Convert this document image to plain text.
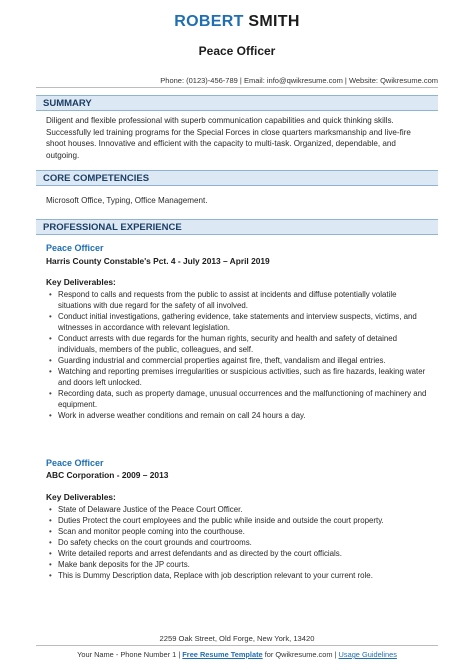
ROBERT SMITH
Peace Officer
Phone: (0123)-456-789 | Email: info@qwikresume.com | Website: Qwikresume.com
SUMMARY
Diligent and flexible professional with superb communication capabilities and quick thinking skills. Successfully led training programs for the Special Forces in close quarters marksmanship and live-fire shoot houses. Innovative and efficient with the capacity to multi-task. Organized, dependable, and outgoing.
CORE COMPETENCIES
Microsoft Office, Typing, Office Management.
PROFESSIONAL EXPERIENCE
Peace Officer
Harris County Constable's Pct. 4 - July 2013 – April 2019
Key Deliverables:
• Respond to calls and requests from the public to assist at incidents and diffuse potentially volatile situations with due regard for the safety of all involved.
• Conduct initial investigations, gathering evidence, take statements and interview suspects, victims, and witnesses in accordance with relevant legislation.
• Conduct arrests with due regards for the human rights, security and health and safety of detained individuals, members of the public, colleagues, and self.
• Guarding industrial and commercial properties against fire, theft, vandalism and illegal entries.
• Watching and reporting premises irregularities or suspicious activities, such as fire hazards, leaking water and doors left unlocked.
• Recording data, such as property damage, unusual occurrences and the malfunctioning of machinery and equipment.
• Work in adverse weather conditions and remain on call 24 hours a day.
Peace Officer
ABC Corporation - 2009 – 2013
Key Deliverables:
• State of Delaware Justice of the Peace Court Officer.
• Duties Protect the court employees and the public while inside and outside the court property.
• Scan and monitor people coming into the courthouse.
• Do safety checks on the court grounds and courtrooms.
• Write detailed reports and arrest defendants and as directed by the court officials.
• Make bank deposits for the JP courts.
• This is Dummy Description data, Replace with job description relevant to your current role.
2259 Oak Street, Old Forge, New York, 13420
Your Name - Phone Number 1 | Free Resume Template for Qwikresume.com | Usage Guidelines
